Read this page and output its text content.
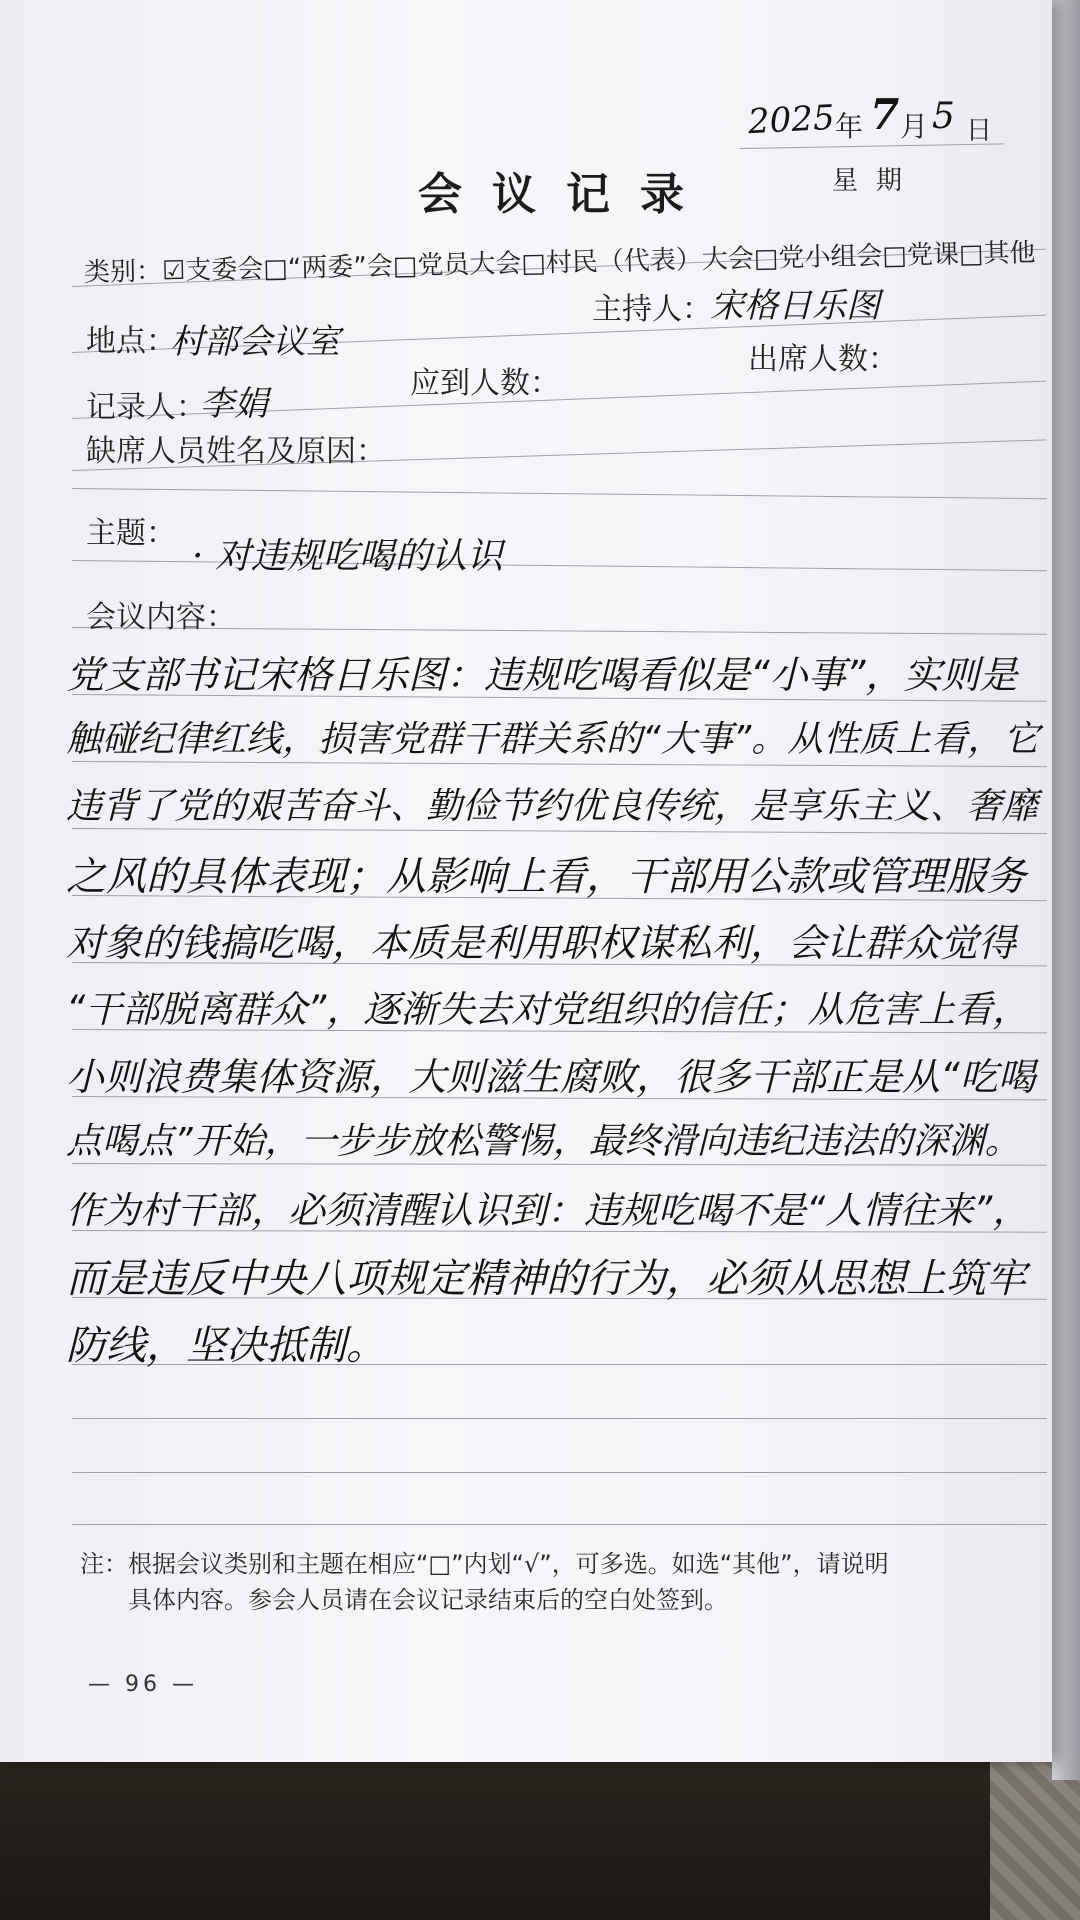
会议记录
2025 年 7 月 5 日
星期
类别：☑支委会□“两委”会□党员大会□村民（代表）大会□党小组会□党课□其他
主持人：
宋格日乐图
地点：
村部会议室	出席人数：
记录人：
李娟
应到人数：
缺席人员姓名及原因：
主题：
· 对违规吃喝的认识
会议内容：
党支部书记宋格日乐图：违规吃喝看似是“小事”，实则是
触碰纪律红线，损害党群干群关系的“大事”。从性质上看，它
违背了党的艰苦奋斗、勤俭节约优良传统，是享乐主义、奢靡
之风的具体表现；从影响上看，干部用公款或管理服务
对象的钱搞吃喝，本质是利用职权谋私利，会让群众觉得
“干部脱离群众”，逐渐失去对党组织的信任；从危害上看，
小则浪费集体资源，大则滋生腐败，很多干部正是从“吃喝
点喝点”开始，一步步放松警惕，最终滑向违纪违法的深渊。
作为村干部，必须清醒认识到：违规吃喝不是“人情往来”，
而是违反中央八项规定精神的行为，必须从思想上筑牢
防线，坚决抵制。
注：根据会议类别和主题在相应“□”内划“√”，可多选。如选“其他”，请说明
具体内容。参会人员请在会议记录结束后的空白处签到。
— 96 —
